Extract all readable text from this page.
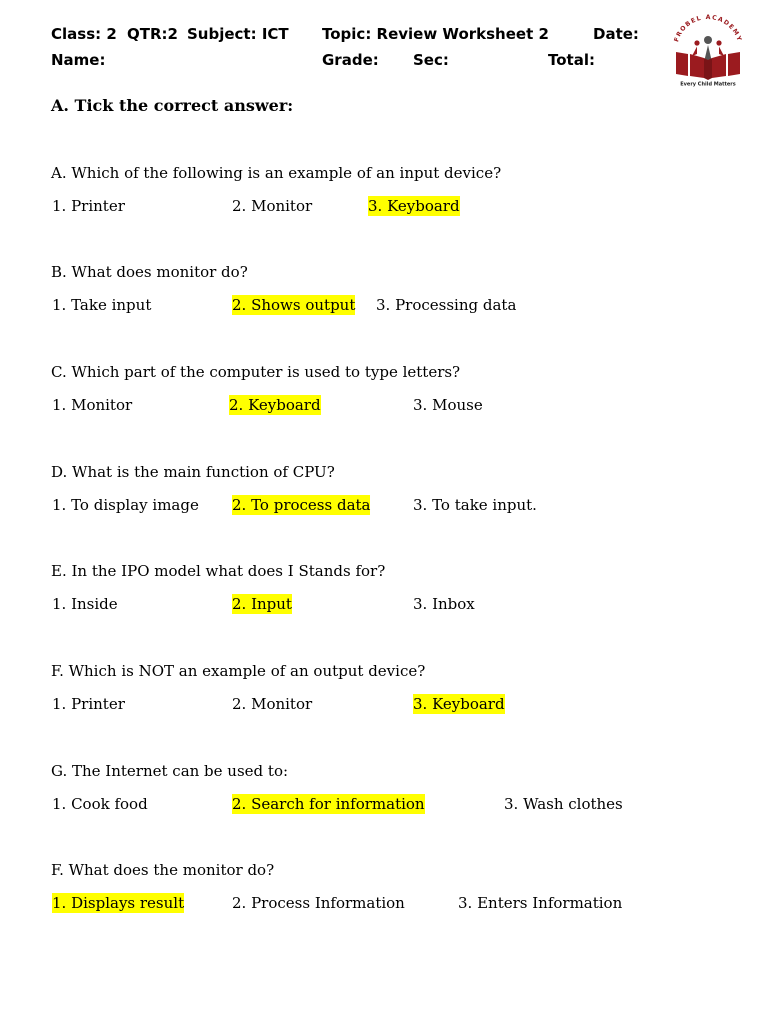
Class: 2 QTR:2 Subject: ICT Topic: Review Worksheet 2	Date:
Name:	Grade: Sec:	Total:
FROBEL ACADEMY
Every Child Matters
A. Tick the correct answer:
A. Which of the following is an example of an input device?
1. Printer	2. Monitor	3. Keyboard
B. What does monitor do?
1. Take input	2. Shows output 3. Processing data
C. Which part of the computer is used to type letters?
1. Monitor	2. Keyboard	3. Mouse
D. What is the main function of CPU?
1. To display image 2. To process data	3. To take input.
E. In the IPO model what does I Stands for?
1. Inside	2. Input	3. Inbox
F. Which is NOT an example of an output device?
1. Printer	2. Monitor	3. Keyboard
G. The Internet can be used to:
1. Cook food	2. Search for information	3. Wash clothes
F. What does the monitor do?
1. Displays result	2. Process Information	3. Enters Information
